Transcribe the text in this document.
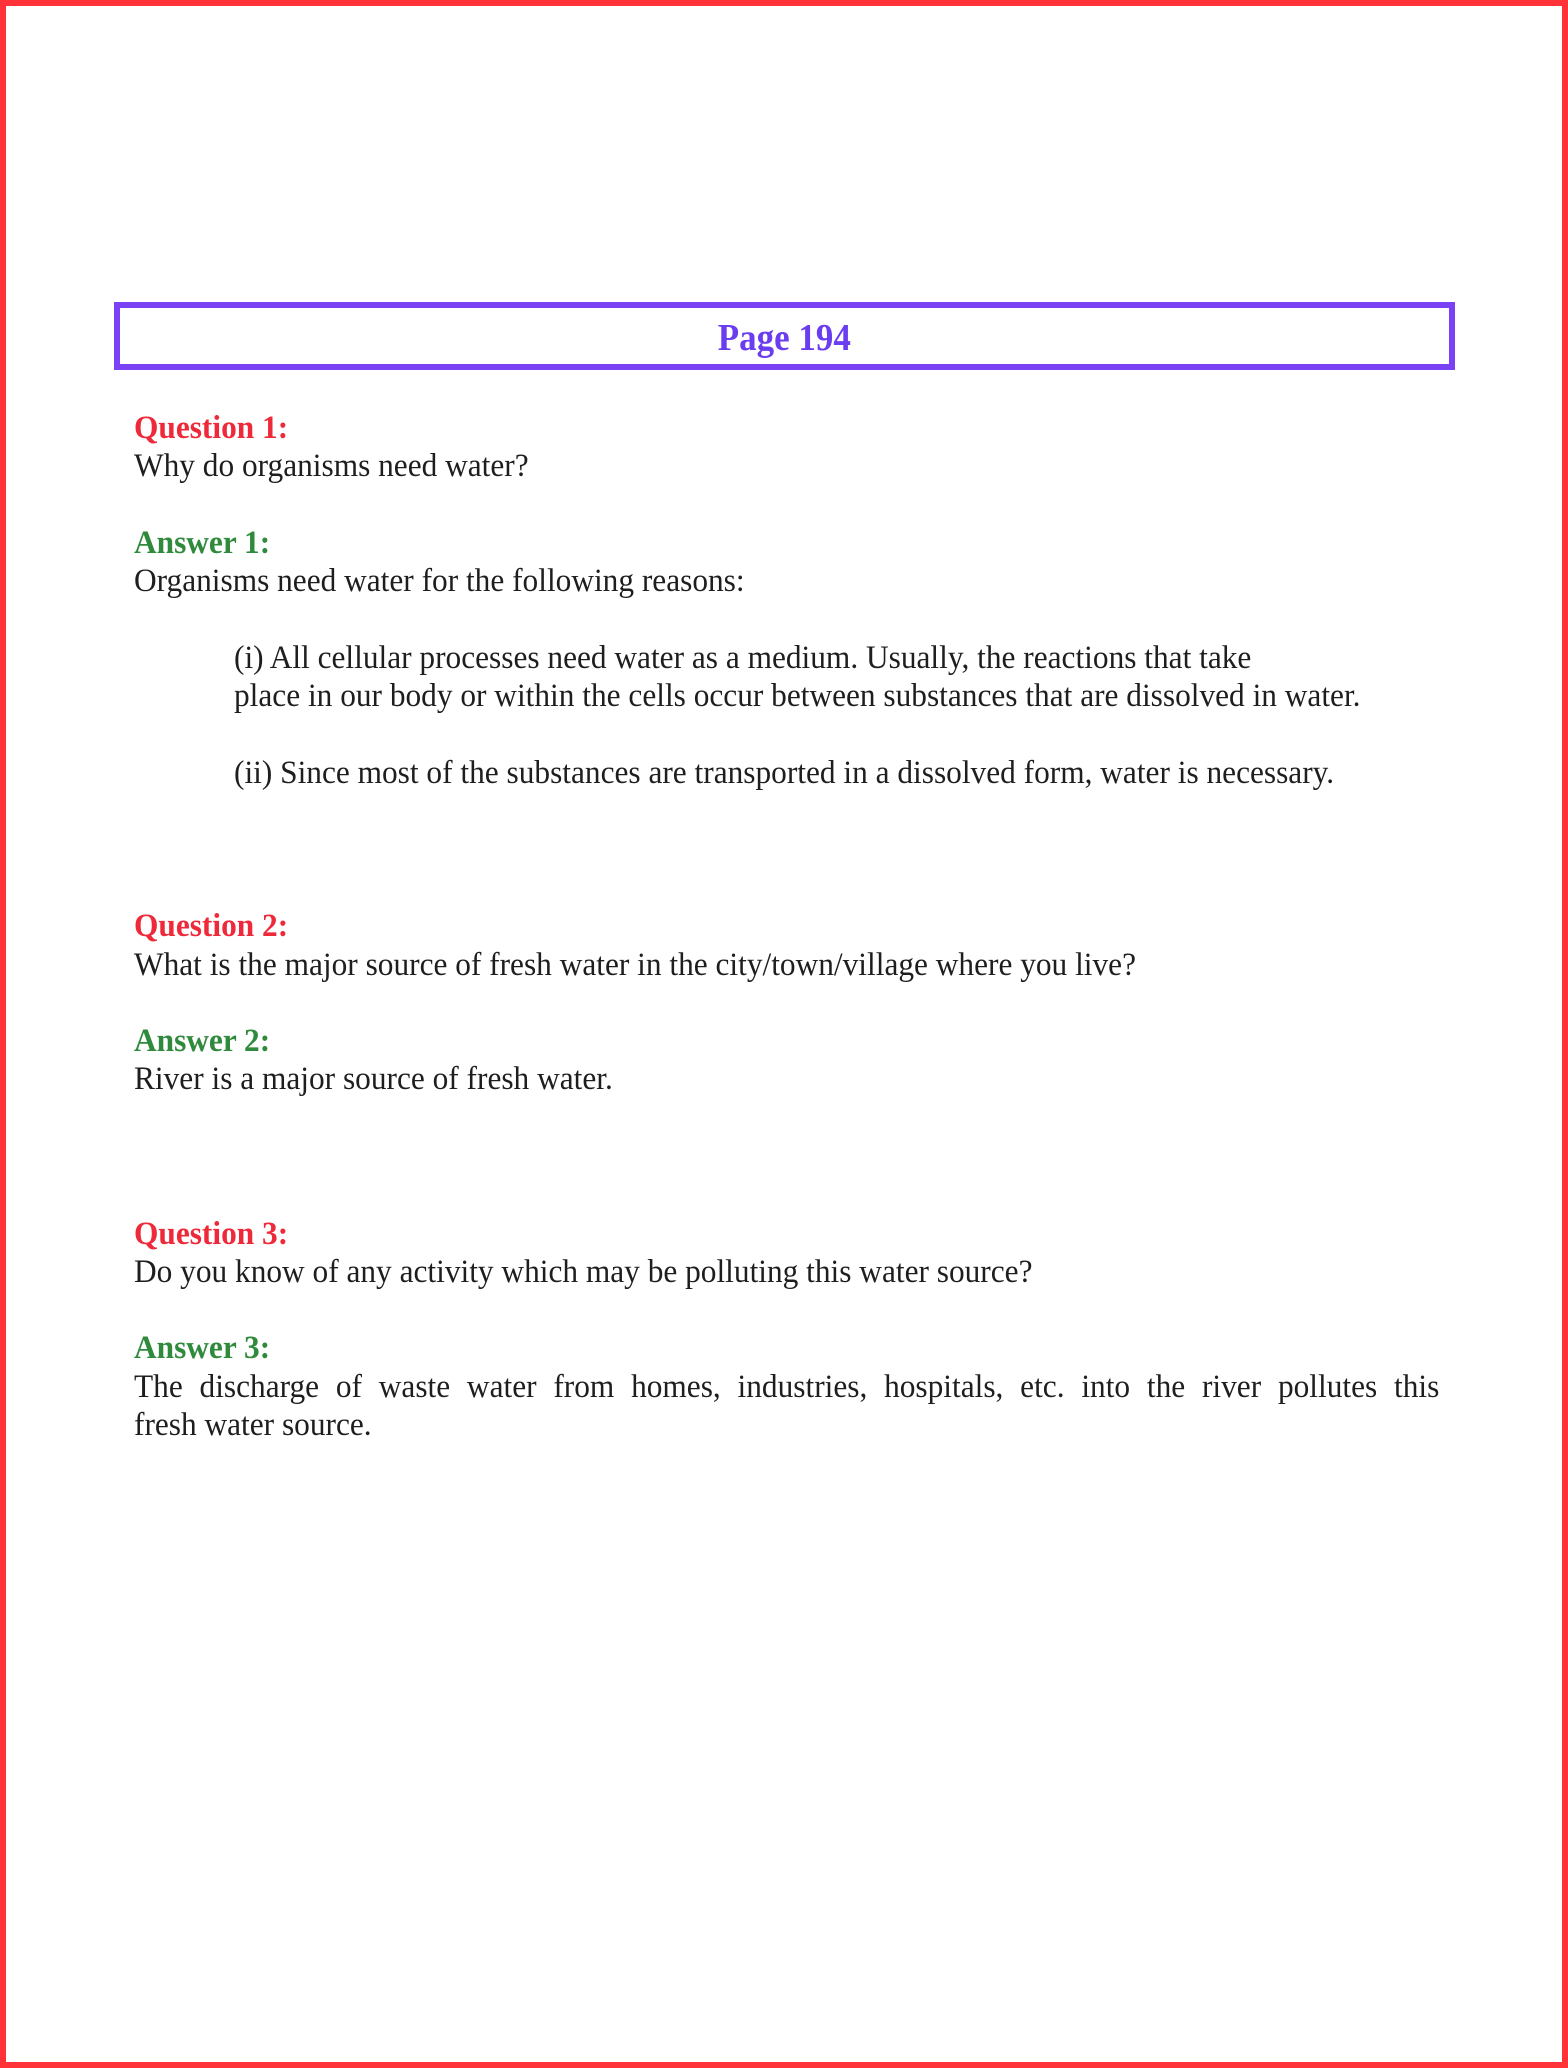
Page 194
Question 1:
Why do organisms need water?
Answer 1:
Organisms need water for the following reasons:
(i) All cellular processes need water as a medium. Usually, the reactions that take
place in our body or within the cells occur between substances that are dissolved in water.
(ii) Since most of the substances are transported in a dissolved form, water is necessary.
Question 2:
What is the major source of fresh water in the city/town/village where you live?
Answer 2:
River is a major source of fresh water.
Question 3:
Do you know of any activity which may be polluting this water source?
Answer 3:
The discharge of waste water from homes, industries, hospitals, etc. into the river pollutes this
fresh water source.
